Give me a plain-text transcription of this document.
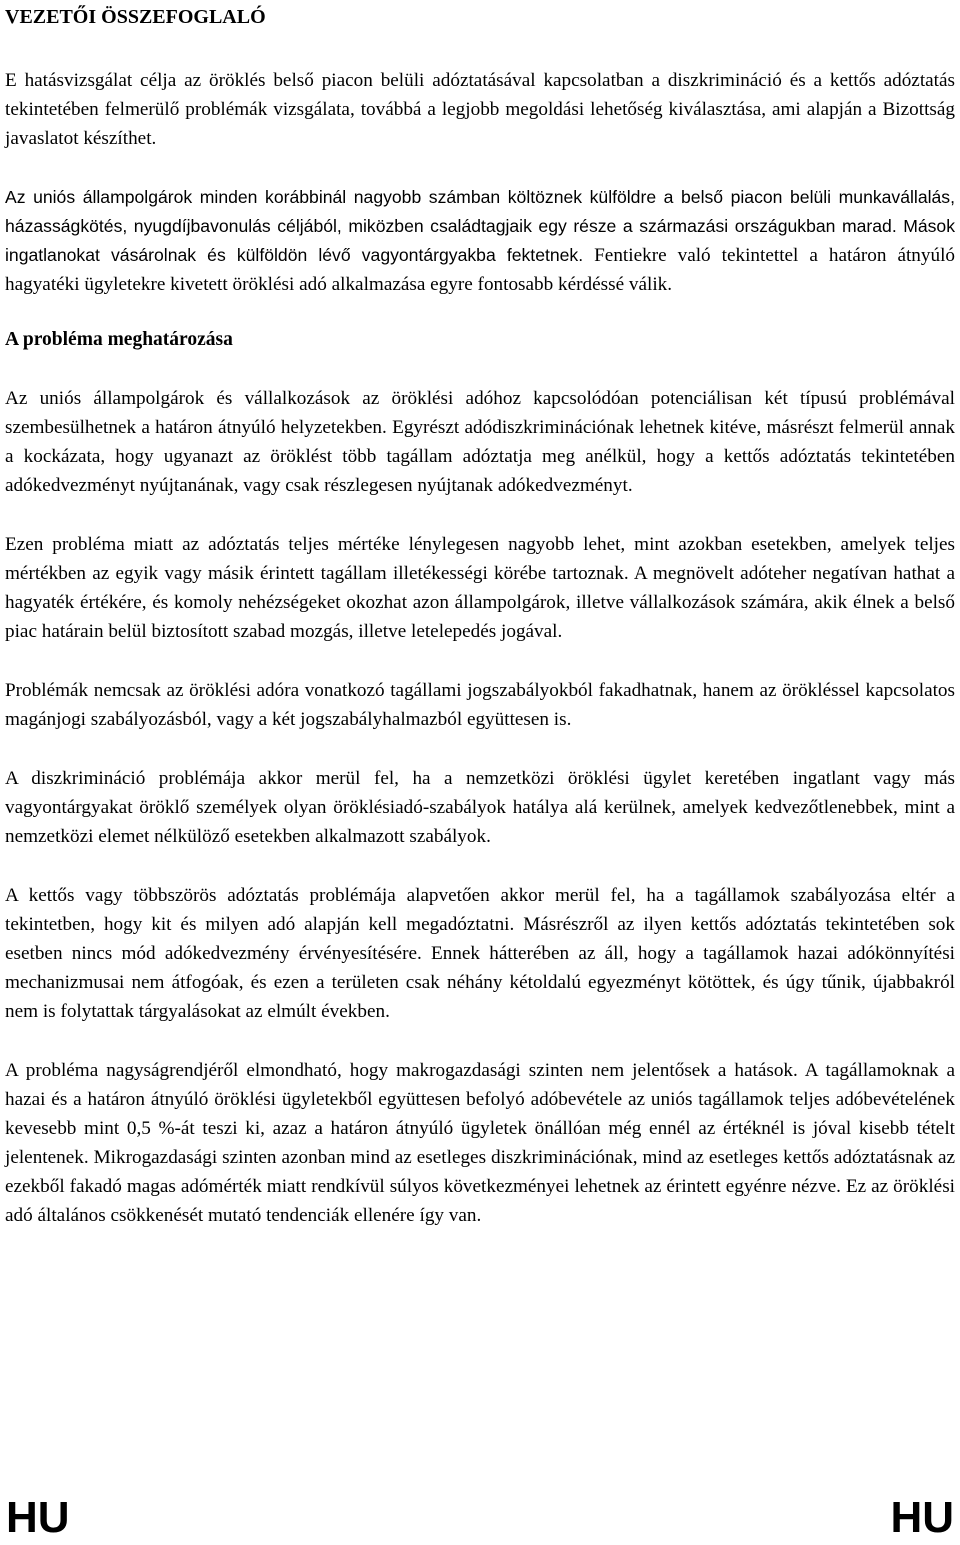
VEZETŐI ÖSSZEFOGLALÓ

E hatásvizsgálat célja az öröklés belső piacon belüli adóztatásával kapcsolatban a diszkrimináció és a kettős adóztatás tekintetében felmerülő problémák vizsgálata, továbbá a legjobb megoldási lehetőség kiválasztása, ami alapján a Bizottság javaslatot készíthet.

Az uniós állampolgárok minden korábbinál nagyobb számban költöznek külföldre a belső piacon belüli munkavállalás, házasságkötés, nyugdíjbavonulás céljából, miközben családtagjaik egy része a származási országukban marad. Mások ingatlanokat vásárolnak és külföldön lévő vagyontárgyakba fektetnek. Fentiekre való tekintettel a határon átnyúló hagyatéki ügyletekre kivetett öröklési adó alkalmazása egyre fontosabb kérdéssé válik.

A probléma meghatározása

Az uniós állampolgárok és vállalkozások az öröklési adóhoz kapcsolódóan potenciálisan két típusú problémával szembesülhetnek a határon átnyúló helyzetekben. Egyrészt adódiszkriminációnak lehetnek kitéve, másrészt felmerül annak a kockázata, hogy ugyanazt az öröklést több tagállam adóztatja meg anélkül, hogy a kettős adóztatás tekintetében adókedvezményt nyújtanának, vagy csak részlegesen nyújtanak adókedvezményt.

Ezen probléma miatt az adóztatás teljes mértéke lénylegesen nagyobb lehet, mint azokban esetekben, amelyek teljes mértékben az egyik vagy másik érintett tagállam illetékességi körébe tartoznak. A megnövelt adóteher negatívan hathat a hagyaték értékére, és komoly nehézségeket okozhat azon állampolgárok, illetve vállalkozások számára, akik élnek a belső piac határain belül biztosított szabad mozgás, illetve letelepedés jogával.

Problémák nemcsak az öröklési adóra vonatkozó tagállami jogszabályokból fakadhatnak, hanem az örökléssel kapcsolatos magánjogi szabályozásból, vagy a két jogszabályhalmazból együttesen is.

A diszkrimináció problémája akkor merül fel, ha a nemzetközi öröklési ügylet keretében ingatlant vagy más vagyontárgyakat öröklő személyek olyan öröklésiadó-szabályok hatálya alá kerülnek, amelyek kedvezőtlenebbek, mint a nemzetközi elemet nélkülöző esetekben alkalmazott szabályok.

A kettős vagy többszörös adóztatás problémája alapvetően akkor merül fel, ha a tagállamok szabályozása eltér a tekintetben, hogy kit és milyen adó alapján kell megadóztatni. Másrészről az ilyen kettős adóztatás tekintetében sok esetben nincs mód adókedvezmény érvényesítésére. Ennek hátterében az áll, hogy a tagállamok hazai adókönnyítési mechanizmusai nem átfogóak, és ezen a területen csak néhány kétoldalú egyezményt kötöttek, és úgy tűnik, újabbakról nem is folytattak tárgyalásokat az elmúlt években.

A probléma nagyságrendjéről elmondható, hogy makrogazdasági szinten nem jelentősek a hatások. A tagállamoknak a hazai és a határon átnyúló öröklési ügyletekből együttesen befolyó adóbevétele az uniós tagállamok teljes adóbevételének kevesebb mint 0,5 %-át teszi ki, azaz a határon átnyúló ügyletek önállóan még ennél az értéknél is jóval kisebb tételt jelentenek. Mikrogazdasági szinten azonban mind az esetleges diszkriminációnak, mind az esetleges kettős adóztatásnak az ezekből fakadó magas adómérték miatt rendkívül súlyos következményei lehetnek az érintett egyénre nézve. Ez az öröklési adó általános csökkenését mutató tendenciák ellenére így van.

HU	HU
